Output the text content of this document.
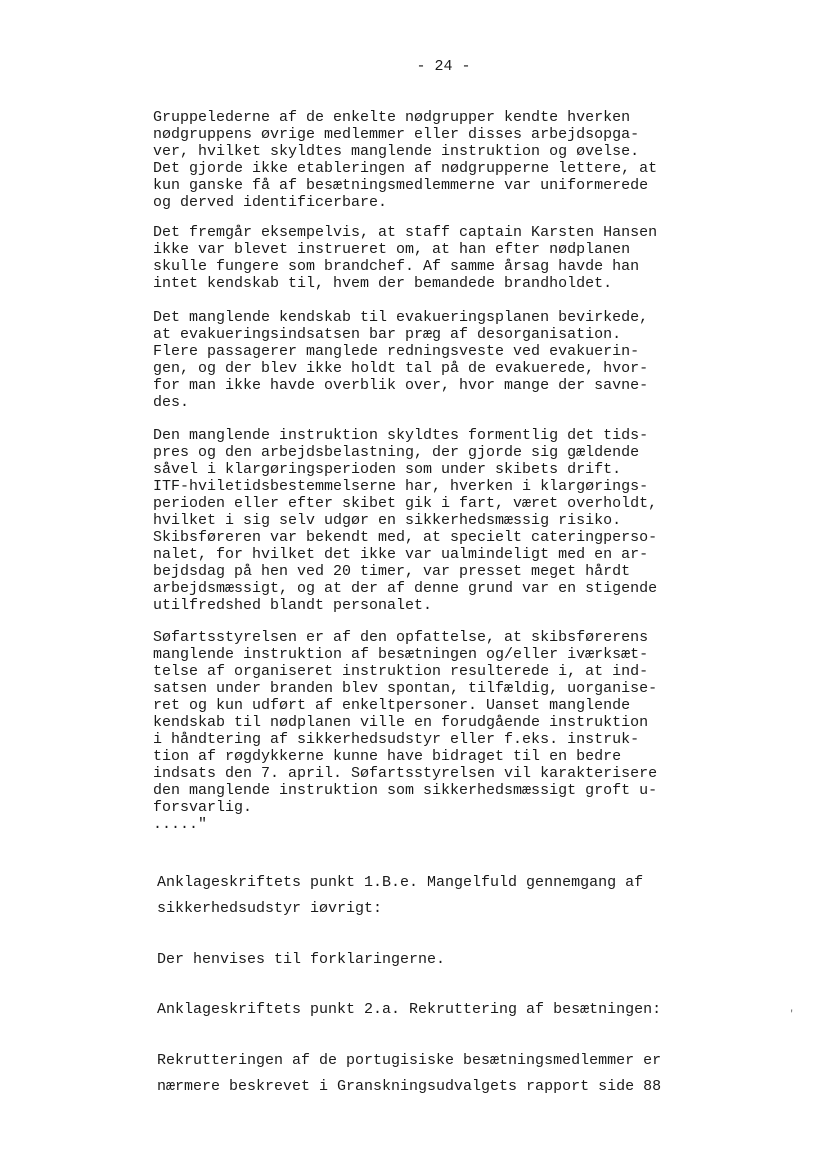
- 24 -
Gruppelederne af de enkelte nødgrupper kendte hverken
nødgruppens øvrige medlemmer eller disses arbejdsopga-
ver, hvilket skyldtes manglende instruktion og øvelse.
Det gjorde ikke etableringen af nødgrupperne lettere, at
kun ganske få af besætningsmedlemmerne var uniformerede
og derved identificerbare.
Det fremgår eksempelvis, at staff captain Karsten Hansen
ikke var blevet instrueret om, at han efter nødplanen
skulle fungere som brandchef. Af samme årsag havde han
intet kendskab til, hvem der bemandede brandholdet.
Det manglende kendskab til evakueringsplanen bevirkede,
at evakueringsindsatsen bar præg af desorganisation.
Flere passagerer manglede redningsveste ved evakuerin-
gen, og der blev ikke holdt tal på de evakuerede, hvor-
for man ikke havde overblik over, hvor mange der savne-
des.
Den manglende instruktion skyldtes formentlig det tids-
pres og den arbejdsbelastning, der gjorde sig gældende
såvel i klargøringsperioden som under skibets drift.
ITF-hviletidsbestemmelserne har, hverken i klargørings-
perioden eller efter skibet gik i fart, været overholdt,
hvilket i sig selv udgør en sikkerhedsmæssig risiko.
Skibsføreren var bekendt med, at specielt cateringperso-
nalet, for hvilket det ikke var ualmindeligt med en ar-
bejdsdag på hen ved 20 timer, var presset meget hårdt
arbejdsmæssigt, og at der af denne grund var en stigende
utilfredshed blandt personalet.
Søfartsstyrelsen er af den opfattelse, at skibsførerens
manglende instruktion af besætningen og/eller iværksæt-
telse af organiseret instruktion resulterede i, at ind-
satsen under branden blev spontan, tilfældig, uorganise-
ret og kun udført af enkeltpersoner. Uanset manglende
kendskab til nødplanen ville en forudgående instruktion
i håndtering af sikkerhedsudstyr eller f.eks. instruk-
tion af røgdykkerne kunne have bidraget til en bedre
indsats den 7. april. Søfartsstyrelsen vil karakterisere
den manglende instruktion som sikkerhedsmæssigt groft u-
forsvarlig.
....."
Anklageskriftets punkt 1.B.e. Mangelfuld gennemgang af
sikkerhedsudstyr iøvrigt:
Der henvises til forklaringerne.
Anklageskriftets punkt 2.a. Rekruttering af besætningen:
Rekrutteringen af de portugisiske besætningsmedlemmer er
nærmere beskrevet i Granskningsudvalgets rapport side 88
'
